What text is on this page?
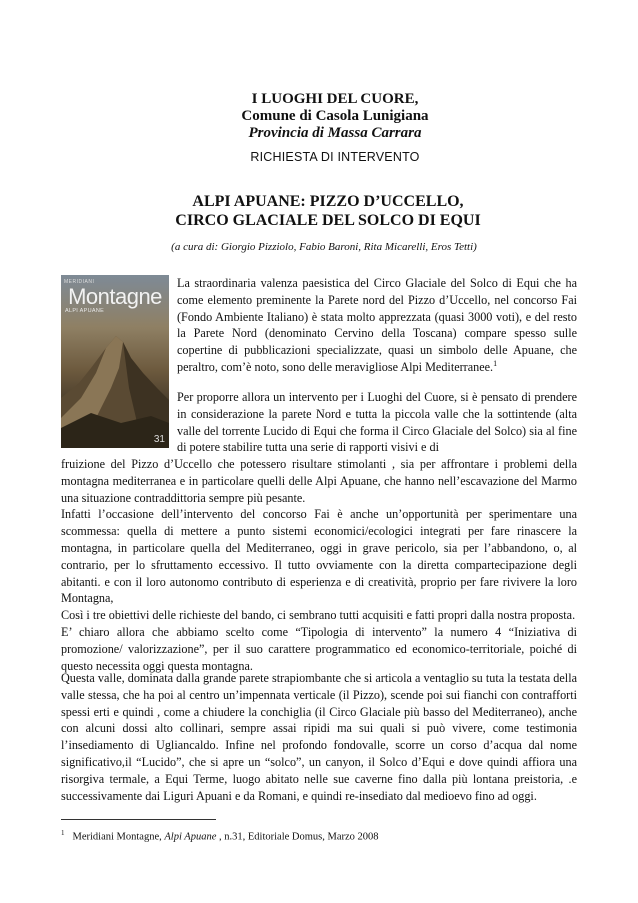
I LUOGHI DEL CUORE,
Comune di Casola Lunigiana
Provincia di Massa Carrara
RICHIESTA DI INTERVENTO
ALPI APUANE: PIZZO D’UCCELLO,
CIRCO GLACIALE DEL SOLCO DI EQUI
(a cura di: Giorgio Pizziolo, Fabio Baroni, Rita Micarelli, Eros Tetti)
MERIDIANI
Montagne
ALPI APUANE
31
La straordinaria valenza paesistica del Circo Glaciale del Solco di Equi che ha come elemento preminente la Parete nord del Pizzo d’Uccello, nel concorso Fai (Fondo Ambiente Italiano) è stata molto apprezzata (quasi 3000 voti), e del resto la Parete Nord (denominato Cervino della Toscana) compare spesso sulle copertine di pubblicazioni specializzate, quasi un simbolo delle Apuane, che peraltro, com’è noto, sono delle meravigliose Alpi Mediterranee.$^1$
Per proporre allora un intervento per i Luoghi del Cuore, si è pensato di prendere in considerazione la parete Nord e tutta la piccola valle che la sottintende (alta valle del torrente Lucido di Equi che forma il Circo Glaciale del Solco) sia al fine di potere stabilire tutta una serie di rapporti visivi e di
fruizione del Pizzo d’Uccello che potessero risultare stimolanti , sia per affrontare i problemi della montagna mediterranea e in particolare quelli delle Alpi Apuane, che hanno nell’escavazione del Marmo una situazione contraddittoria sempre più pesante.
Infatti l’occasione dell’intervento del concorso Fai è anche un’opportunità per sperimentare una scommessa: quella di mettere a punto sistemi economici/ecologici integrati per fare rinascere la montagna, in particolare quella del Mediterraneo, oggi in grave pericolo, sia per l’abbandono, o, al contrario, per lo sfruttamento eccessivo. Il tutto ovviamente con la diretta compartecipazione degli abitanti. e con il loro autonomo contributo di esperienza e di creatività, proprio per fare rivivere la loro Montagna,
Così i tre obiettivi delle richieste del bando, ci sembrano tutti acquisiti e fatti propri dalla nostra proposta.
E’ chiaro allora che abbiamo scelto come “Tipologia di intervento” la numero 4 “Iniziativa di promozione/ valorizzazione”, per il suo carattere programmatico ed economico-territoriale, poiché di questo necessita oggi questa montagna.
Questa valle, dominata dalla grande parete strapiombante che si articola a ventaglio su tuta la testata della valle stessa, che ha poi al centro un’impennata verticale (il Pizzo), scende poi sui fianchi con contrafforti spessi erti e quindi , come a chiudere la conchiglia (il Circo Glaciale più basso del Mediterraneo), anche con alcuni dossi alto collinari, sempre assai ripidi ma sui quali si può vivere, come testimonia l’insediamento di Ugliancaldo. Infine nel profondo fondovalle, scorre un corso d’acqua dal nome significativo,il “Lucido”, che si apre un “solco”, un canyon, il Solco d’Equi e dove quindi affiora una risorgiva termale, a Equi Terme, luogo abitato nelle sue caverne fino dalla più lontana preistoria, .e successivamente dai Liguri Apuani e da Romani, e quindi re-insediato dal medioevo fino ad oggi.
$^1$ Meridiani Montagne, Alpi Apuane , n.31, Editoriale Domus, Marzo 2008
